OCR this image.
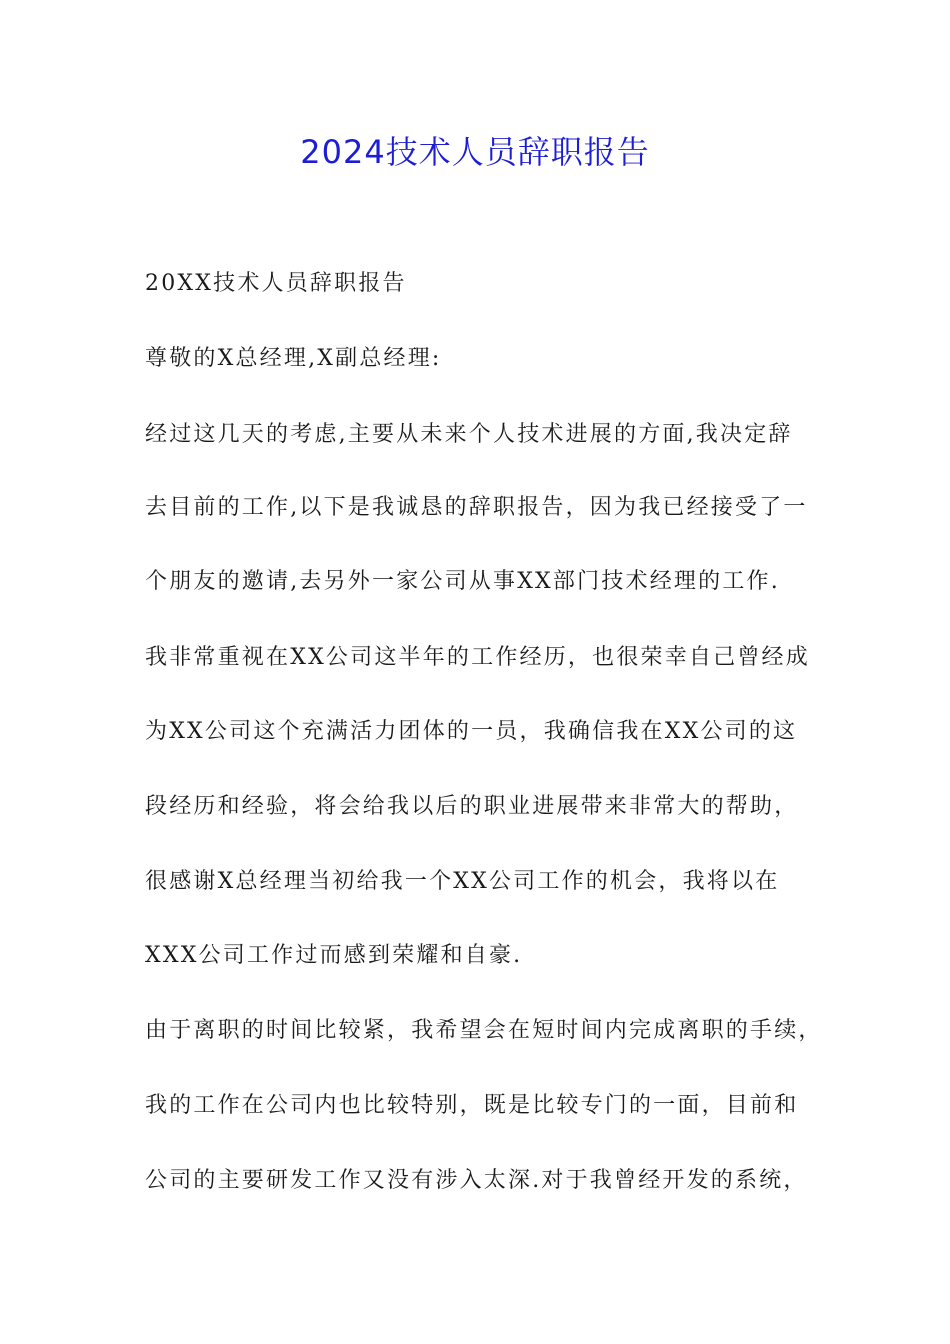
2024技术人员辞职报告
20XX技术人员辞职报告
尊敬的X总经理,X副总经理:
经过这几天的考虑,主要从未来个人技术进展的方面,我决定辞
去目前的工作,以下是我诚恳的辞职报告，因为我已经接受了一
个朋友的邀请,去另外一家公司从事XX部门技术经理的工作.
我非常重视在XX公司这半年的工作经历，也很荣幸自己曾经成
为XX公司这个充满活力团体的一员，我确信我在XX公司的这
段经历和经验，将会给我以后的职业进展带来非常大的帮助，
很感谢X总经理当初给我一个XX公司工作的机会，我将以在
XXX公司工作过而感到荣耀和自豪.
由于离职的时间比较紧，我希望会在短时间内完成离职的手续，
我的工作在公司内也比较特别，既是比较专门的一面，目前和
公司的主要研发工作又没有涉入太深.对于我曾经开发的系统，
